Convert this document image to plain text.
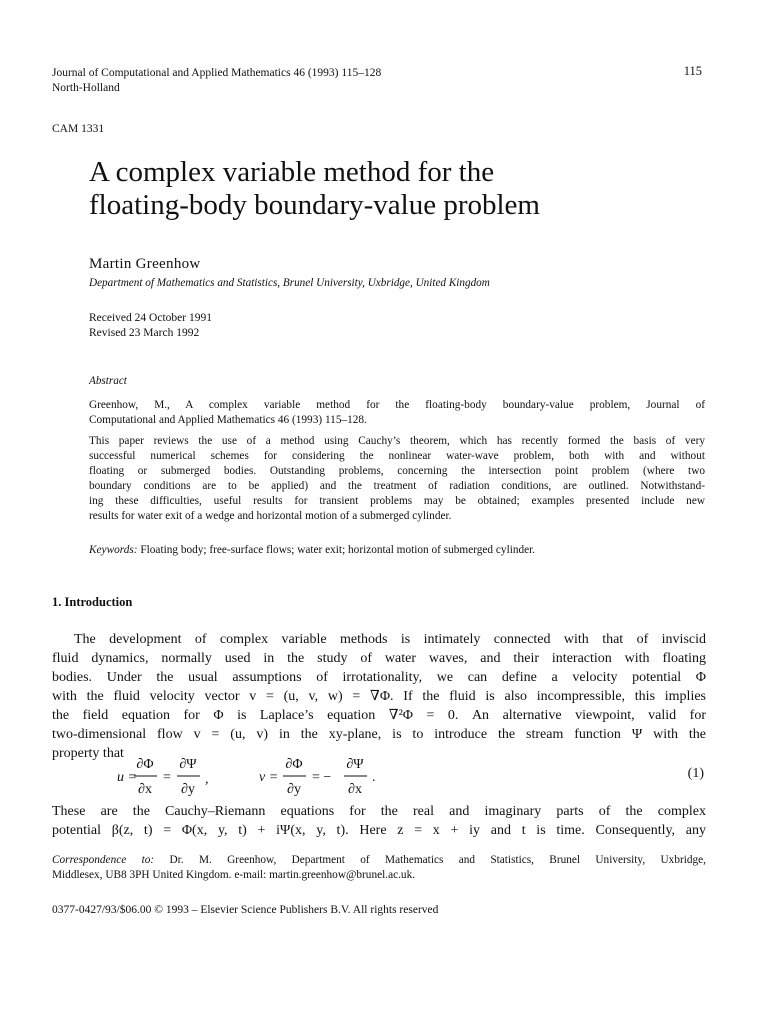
Journal of Computational and Applied Mathematics 46 (1993) 115–128
North-Holland
115
CAM 1331
A complex variable method for the
floating-body boundary-value problem
Martin Greenhow
Department of Mathematics and Statistics, Brunel University, Uxbridge, United Kingdom
Received 24 October 1991
Revised 23 March 1992
Abstract
Greenhow, M., A complex variable method for the floating-body boundary-value problem, Journal of
Computational and Applied Mathematics 46 (1993) 115–128.
This paper reviews the use of a method using Cauchy’s theorem, which has recently formed the basis of very
successful numerical schemes for considering the nonlinear water-wave problem, both with and without
floating or submerged bodies. Outstanding problems, concerning the intersection point problem (where two
boundary conditions are to be applied) and the treatment of radiation conditions, are outlined. Notwithstand-
ing these difficulties, useful results for transient problems may be obtained; examples presented include new
results for water exit of a wedge and horizontal motion of a submerged cylinder.
Keywords: Floating body; free-surface flows; water exit; horizontal motion of submerged cylinder.
1. Introduction
The development of complex variable methods is intimately connected with that of inviscid
fluid dynamics, normally used in the study of water waves, and their interaction with floating
bodies. Under the usual assumptions of irrotationality, we can define a velocity potential Φ
with the fluid velocity vector v = (u, v, w) = ∇Φ. If the fluid is also incompressible, this implies
the field equation for Φ is Laplace’s equation ∇²Φ = 0. An alternative viewpoint, valid for
two-dimensional flow v = (u, v) in the xy-plane, is to introduce the stream function Ψ with the
property that
u =
∂Φ
∂x
=
∂Ψ
∂y
,	v =
∂Φ
∂y
= −
∂Ψ
∂x
.	(1)
These are the Cauchy–Riemann equations for the real and imaginary parts of the complex
potential β(z, t) = Φ(x, y, t) + iΨ(x, y, t). Here z = x + iy and t is time. Consequently, any
Correspondence to: Dr. M. Greenhow, Department of Mathematics and Statistics, Brunel University, Uxbridge,
Middlesex, UB8 3PH United Kingdom. e-mail: martin.greenhow@brunel.ac.uk.
0377-0427/93/$06.00 © 1993 – Elsevier Science Publishers B.V. All rights reserved
